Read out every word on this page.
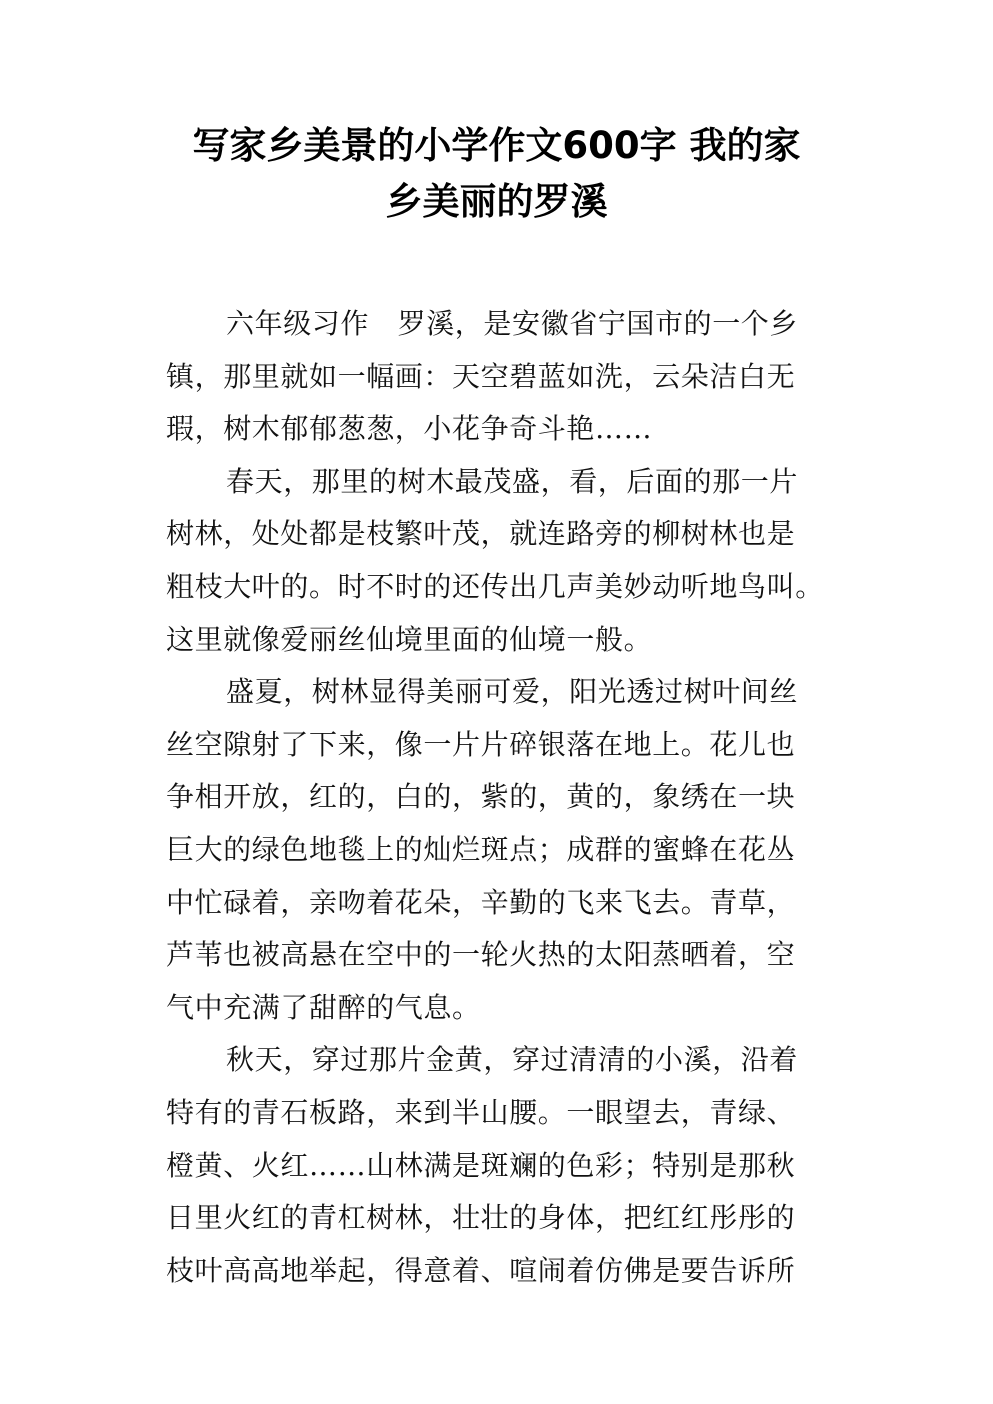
写家乡美景的小学作文600字 我的家
乡美丽的罗溪
六年级习作　罗溪，是安徽省宁国市的一个乡
镇，那里就如一幅画：天空碧蓝如洗，云朵洁白无
瑕，树木郁郁葱葱，小花争奇斗艳……
春天，那里的树木最茂盛，看，后面的那一片
树林，处处都是枝繁叶茂，就连路旁的柳树林也是
粗枝大叶的。时不时的还传出几声美妙动听地鸟叫。
这里就像爱丽丝仙境里面的仙境一般。
盛夏，树林显得美丽可爱，阳光透过树叶间丝
丝空隙射了下来，像一片片碎银落在地上。花儿也
争相开放，红的，白的，紫的，黄的，象绣在一块
巨大的绿色地毯上的灿烂斑点；成群的蜜蜂在花丛
中忙碌着，亲吻着花朵，辛勤的飞来飞去。青草，
芦苇也被高悬在空中的一轮火热的太阳蒸晒着，空
气中充满了甜醉的气息。
秋天，穿过那片金黄，穿过清清的小溪，沿着
特有的青石板路，来到半山腰。一眼望去，青绿、
橙黄、火红……山林满是斑斓的色彩；特别是那秋
日里火红的青杠树林，壮壮的身体，把红红彤彤的
枝叶高高地举起，得意着、喧闹着仿佛是要告诉所
